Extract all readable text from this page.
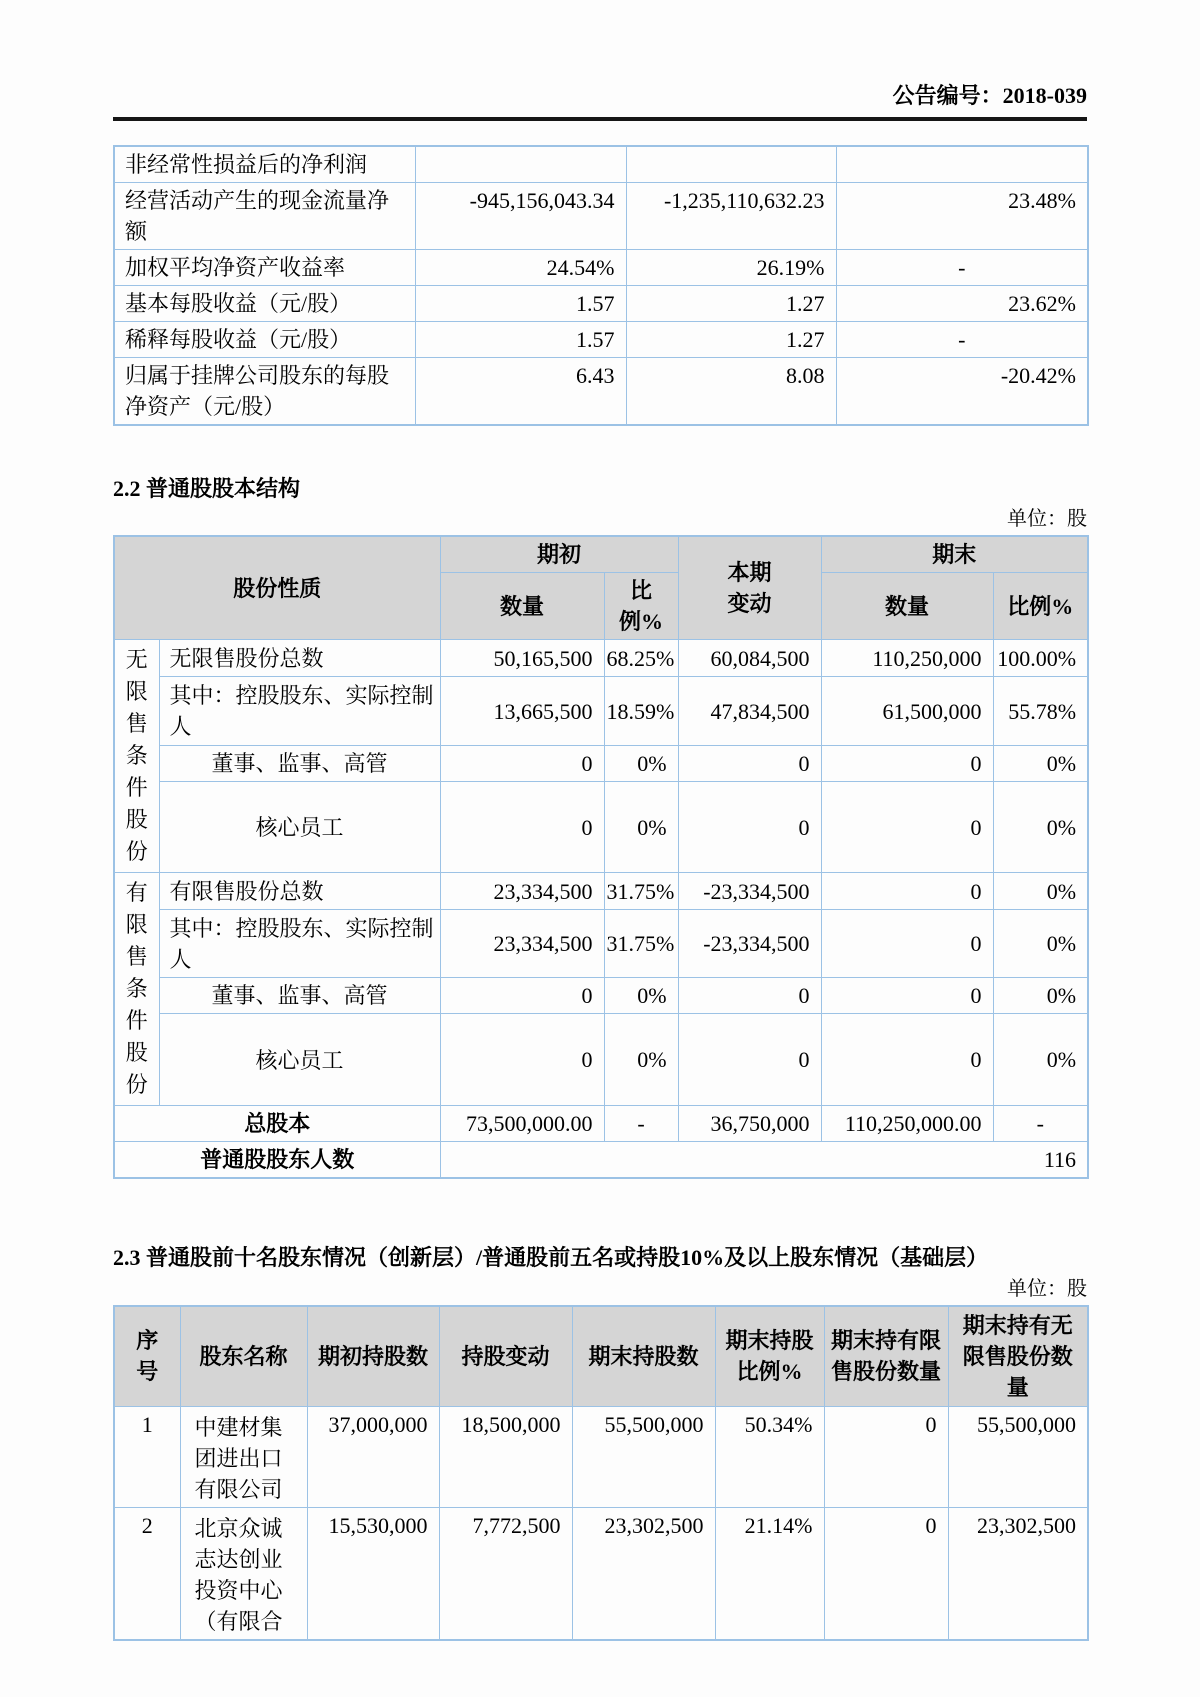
公告编号：2018-039
非经常性损益后的净利润			
经营活动产生的现金流量净额	-945,156,043.34	-1,235,110,632.23	23.48%
加权平均净资产收益率	24.54%	26.19%	-
基本每股收益（元/股）	1.57	1.27	23.62%
稀释每股收益（元/股）	1.57	1.27	-
归属于挂牌公司股东的每股净资产（元/股）	6.43	8.08	-20.42%
2.2 普通股股本结构
单位：股
股份性质		期初		本期变动	期末	
		数量	比例%		数量	比例%
无限售条件股份	无限售股份总数	50,165,500	68.25%	60,084,500	110,250,000	100.00%
	其中：控股股东、实际控制人	13,665,500	18.59%	47,834,500	61,500,000	55.78%
	董事、监事、高管	0	0%	0	0	0%
	核心员工	0	0%	0	0	0%
有限售条件股份	有限售股份总数	23,334,500	31.75%	-23,334,500	0	0%
	其中：控股股东、实际控制人	23,334,500	31.75%	-23,334,500	0	0%
	董事、监事、高管	0	0%	0	0	0%
	核心员工	0	0%	0	0	0%
总股本		73,500,000.00	-	36,750,000	110,250,000.00	-
普通股股东人数		116				
2.3 普通股前十名股东情况（创新层）/普通股前五名或持股10%及以上股东情况（基础层）
单位：股
序号	股东名称	期初持股数	持股变动	期末持股数	期末持股比例%	期末持有限售股份数量	期末持有无限售股份数量
1	中建材集团进出口有限公司	37,000,000	18,500,000	55,500,000	50.34%	0	55,500,000
2	北京众诚志达创业投资中心（有限合	15,530,000	7,772,500	23,302,500	21.14%	0	23,302,500
